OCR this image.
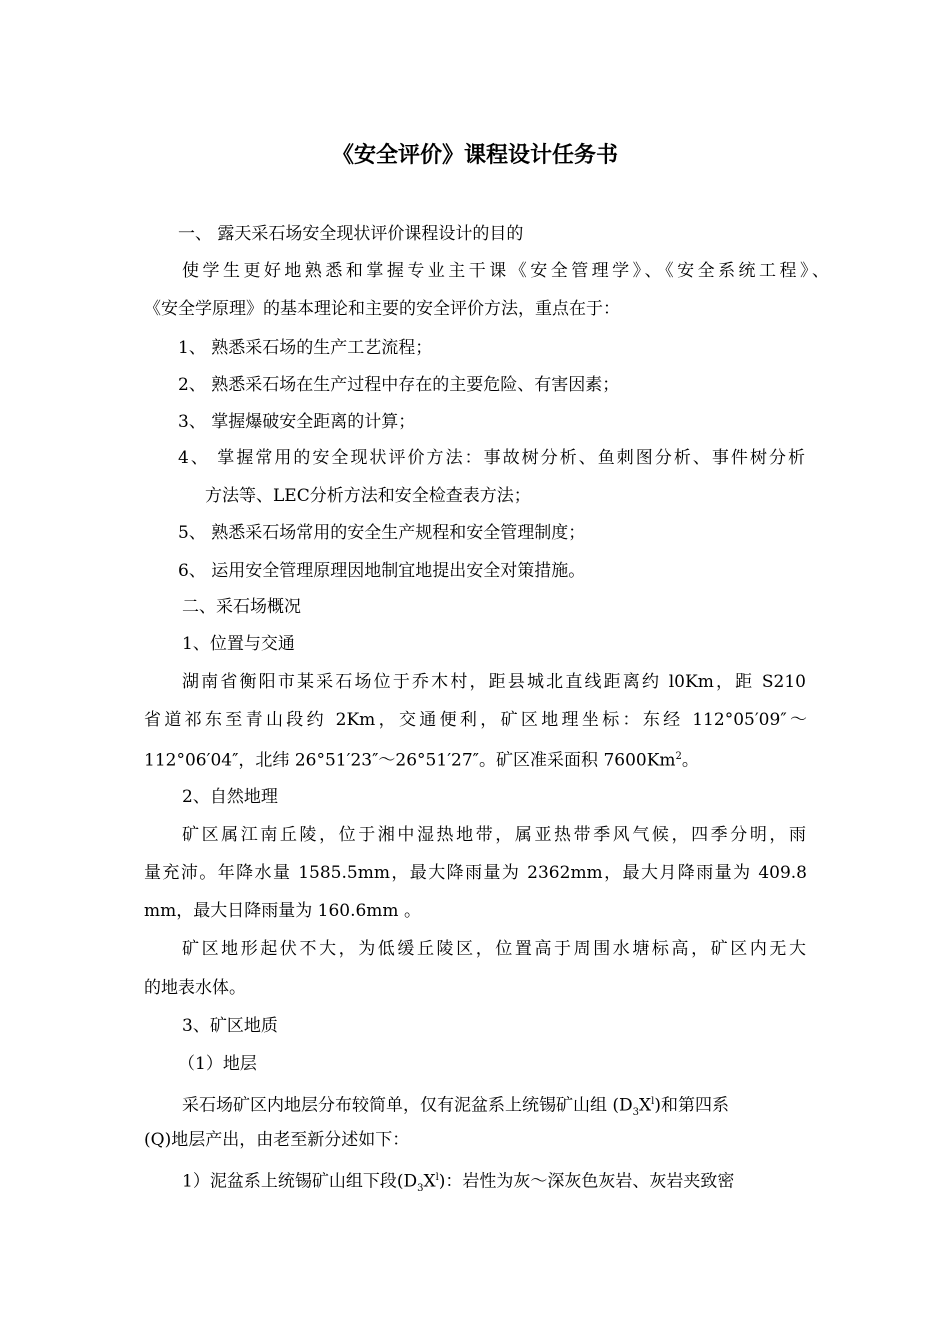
《安全评价》课程设计任务书
一、 露天采石场安全现状评价课程设计的目的
使学生更好地熟悉和掌握专业主干课《安全管理学》、《安全系统工程》、
《安全学原理》的基本理论和主要的安全评价方法，重点在于：
1、 熟悉采石场的生产工艺流程；
2、 熟悉采石场在生产过程中存在的主要危险、有害因素；
3、 掌握爆破安全距离的计算；
4、 掌握常用的安全现状评价方法：事故树分析、鱼刺图分析、事件树分析
方法等、LEC分析方法和安全检查表方法；
5、 熟悉采石场常用的安全生产规程和安全管理制度；
6、 运用安全管理原理因地制宜地提出安全对策措施。
二、采石场概况
1、位置与交通
湖南省衡阳市某采石场位于乔木村，距县城北直线距离约 l0Km，距 S210
省道祁东至青山段约 2Km，交通便利，矿区地理坐标：东经 112°05′09″～
112°06′04″，北纬 26°51′23″～26°51′27″。矿区准采面积 7600Km$^2$。
2、自然地理
矿区属江南丘陵，位于湘中湿热地带，属亚热带季风气候，四季分明，雨
量充沛。年降水量 1585.5mm，最大降雨量为 2362mm，最大月降雨量为 409.8
mm，最大日降雨量为 160.6mm 。
矿区地形起伏不大，为低缓丘陵区，位置高于周围水塘标高，矿区内无大
的地表水体。
3、矿区地质
（1）地层
采石场矿区内地层分布较简单，仅有泥盆系上统锡矿山组 $(D_3X^l)$和第四系
(Q)地层产出，由老至新分述如下：
1）泥盆系上统锡矿山组下段$(D_3X^l)$：岩性为灰～深灰色灰岩、灰岩夹致密
